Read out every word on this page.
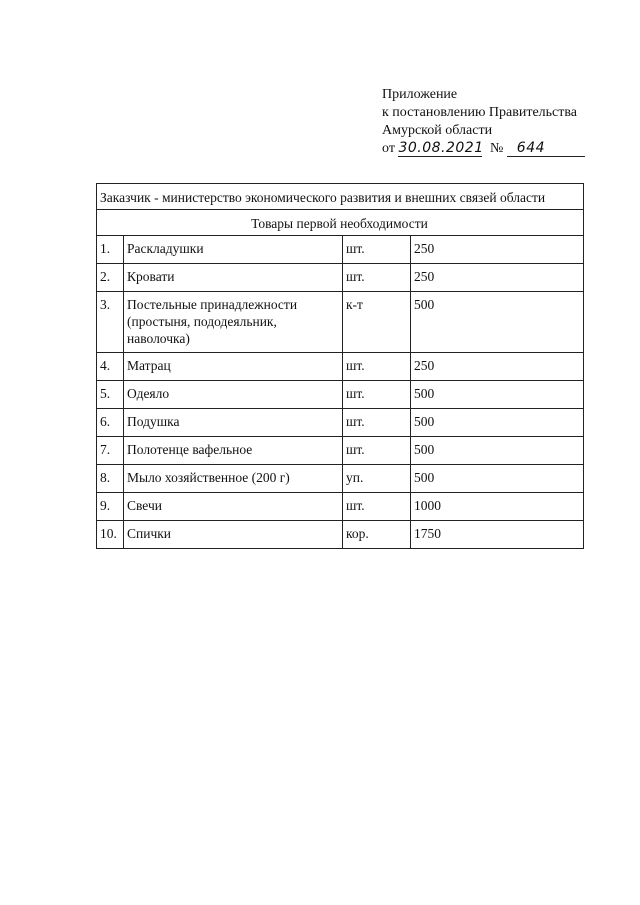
Приложение
к постановлению Правительства
Амурской области
от 30.08.2021 № 644
Заказчик - министерство экономического развития и внешних связей области			
Товары первой необходимости			
1.	Раскладушки	шт.	250
2.	Кровати	шт.	250
3.	Постельные принадлежности (простыня, пододеяльник, наволочка)	к-т	500
4.	Матрац	шт.	250
5.	Одеяло	шт.	500
6.	Подушка	шт.	500
7.	Полотенце вафельное	шт.	500
8.	Мыло хозяйственное (200 г)	уп.	500
9.	Свечи	шт.	1000
10.	Спички	кор.	1750
